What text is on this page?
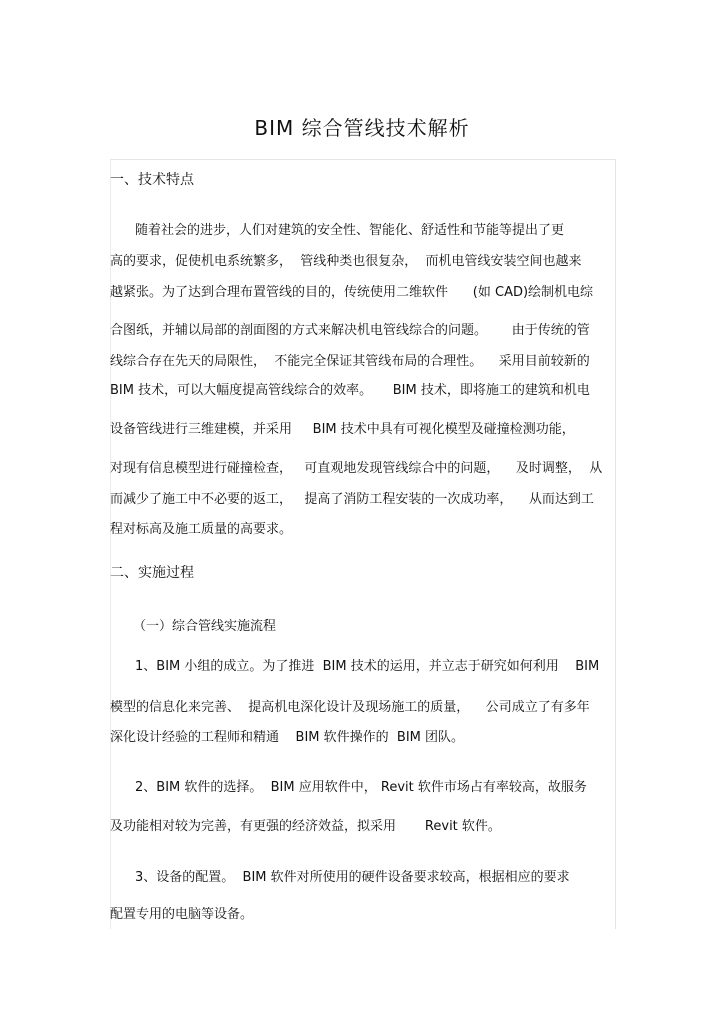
BIM 综合管线技术解析
一、技术特点
随着社会的进步，人们对建筑的安全性、智能化、舒适性和节能等提出了更
高的要求，促使机电系统繁多，  管线种类也很复杂，  而机电管线安装空间也越来
越紧张。为了达到合理布置管线的目的，传统使用二维软件      (如 CAD)绘制机电综
合图纸，并辅以局部的剖面图的方式来解决机电管线综合的问题。      由于传统的管
线综合存在先天的局限性，  不能完全保证其管线布局的合理性。    采用目前较新的
BIM 技术，可以大幅度提高管线综合的效率。     BIM 技术，即将施工的建筑和机电
设备管线进行三维建模，并采用     BIM 技术中具有可视化模型及碰撞检测功能，
对现有信息模型进行碰撞检查，   可直观地发现管线综合中的问题，    及时调整，  从
而减少了施工中不必要的返工，   提高了消防工程安装的一次成功率，    从而达到工
程对标高及施工质量的高要求。
二、实施过程
（一）综合管线实施流程
1、BIM 小组的成立。为了推进  BIM 技术的运用，并立志于研究如何利用    BIM
模型的信息化来完善、  提高机电深化设计及现场施工的质量，    公司成立了有多年
深化设计经验的工程师和精通    BIM 软件操作的  BIM 团队。
2、BIM 软件的选择。  BIM 应用软件中， Revit 软件市场占有率较高，故服务
及功能相对较为完善，有更强的经济效益，拟采用       Revit 软件。
3、设备的配置。  BIM 软件对所使用的硬件设备要求较高，根据相应的要求
配置专用的电脑等设备。
